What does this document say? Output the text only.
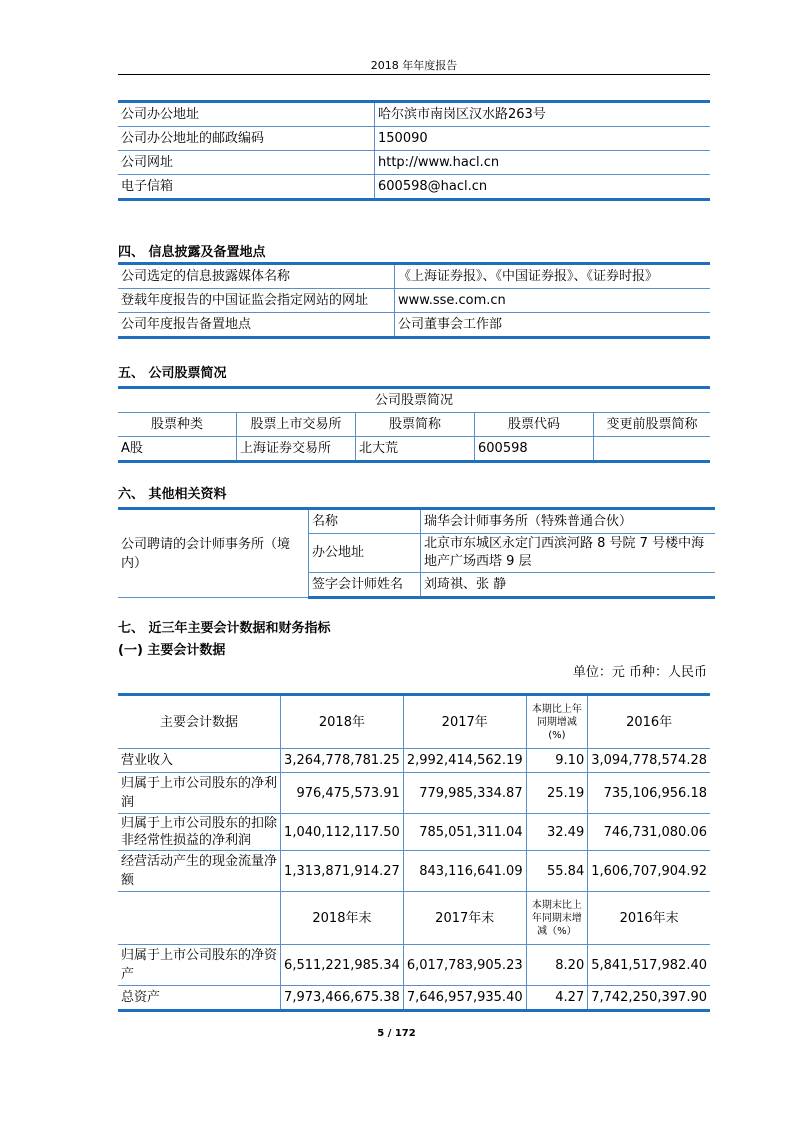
2018 年年度报告
公司办公地址	哈尔滨市南岗区汉水路263号
公司办公地址的邮政编码	150090
公司网址	http://www.hacl.cn
电子信箱	600598@hacl.cn
四、 信息披露及备置地点
公司选定的信息披露媒体名称	《上海证券报》、《中国证券报》、《证券时报》
登载年度报告的中国证监会指定网站的网址	www.sse.com.cn
公司年度报告备置地点	公司董事会工作部
五、 公司股票简况
公司股票简况				
股票种类	股票上市交易所	股票简称	股票代码	变更前股票简称
A股	上海证券交易所	北大荒	600598	
六、 其他相关资料
公司聘请的会计师事务所（境内）	名称	瑞华会计师事务所（特殊普通合伙）
	办公地址	北京市东城区永定门西滨河路 8 号院 7 号楼中海地产广场西塔 9 层
	签字会计师姓名	刘琦祺、张 静
七、 近三年主要会计数据和财务指标
(一) 主要会计数据
单位：元 币种：人民币
主要会计数据	2018年	2017年	本期比上年同期增减(%)	2016年
营业收入	3,264,778,781.25	2,992,414,562.19	9.10	3,094,778,574.28
归属于上市公司股东的净利润	976,475,573.91	779,985,334.87	25.19	735,106,956.18
归属于上市公司股东的扣除非经常性损益的净利润	1,040,112,117.50	785,051,311.04	32.49	746,731,080.06
经营活动产生的现金流量净额	1,313,871,914.27	843,116,641.09	55.84	1,606,707,904.92
	2018年末	2017年末	本期末比上年同期末增减（%）	2016年末
归属于上市公司股东的净资产	6,511,221,985.34	6,017,783,905.23	8.20	5,841,517,982.40
总资产	7,973,466,675.38	7,646,957,935.40	4.27	7,742,250,397.90
5 / 172
